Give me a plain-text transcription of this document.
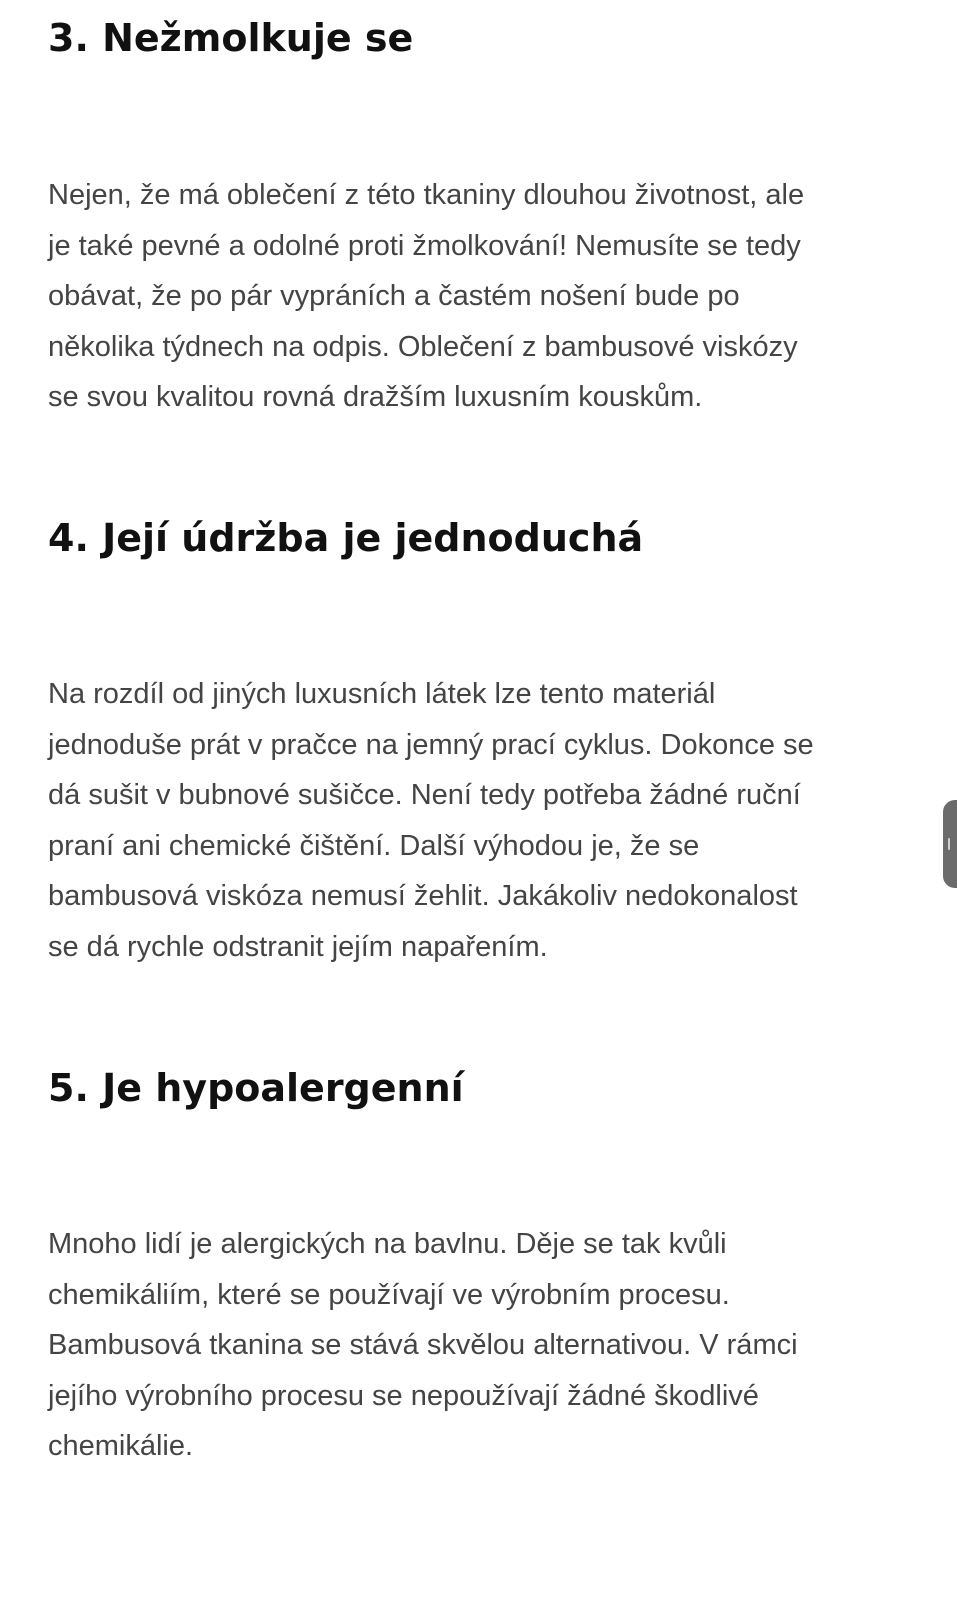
3. Nežmolkuje se

Nejen, že má oblečení z této tkaniny dlouhou životnost, ale
je také pevné a odolné proti žmolkování! Nemusíte se tedy
obávat, že po pár vypráních a častém nošení bude po
několika týdnech na odpis. Oblečení z bambusové viskózy
se svou kvalitou rovná dražším luxusním kouskům.

4. Její údržba je jednoduchá

Na rozdíl od jiných luxusních látek lze tento materiál
jednoduše prát v pračce na jemný prací cyklus. Dokonce se
dá sušit v bubnové sušičce. Není tedy potřeba žádné ruční
praní ani chemické čištění. Další výhodou je, že se
bambusová viskóza nemusí žehlit. Jakákoliv nedokonalost
se dá rychle odstranit jejím napařením.

5. Je hypoalergenní

Mnoho lidí je alergických na bavlnu. Děje se tak kvůli
chemikáliím, které se používají ve výrobním procesu.
Bambusová tkanina se stává skvělou alternativou. V rámci
jejího výrobního procesu se nepoužívají žádné škodlivé
chemikálie.
